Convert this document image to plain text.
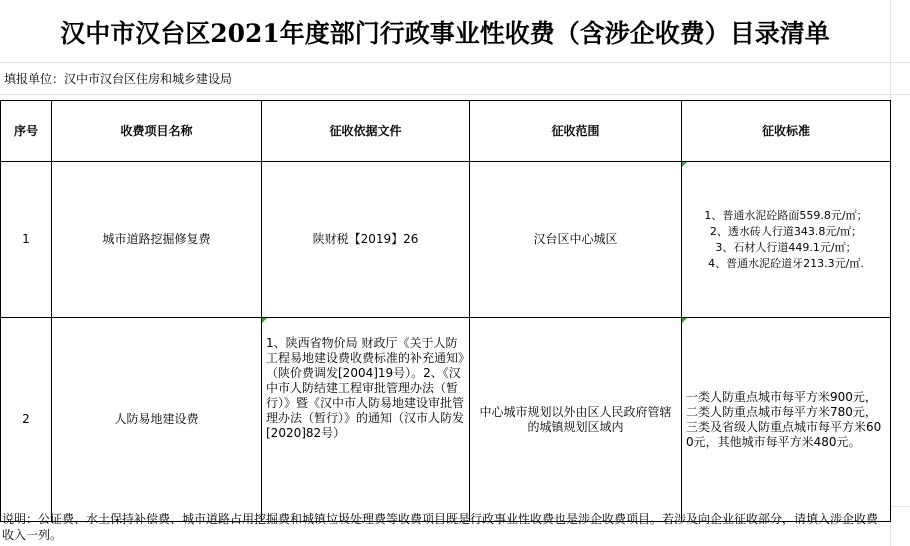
汉中市汉台区2021年度部门行政事业性收费（含涉企收费）目录清单
填报单位：汉中市汉台区住房和城乡建设局
序号	收费项目名称	征收依据文件	征收范围	征收标准
1	城市道路挖掘修复费	陕财税【2019】26	汉台区中心城区	1、普通水泥砼路面559.8元/㎡；
2、透水砖人行道343.8元/㎡；
3、石材人行道449.1元/㎡；
4、普通水泥砼道牙213.3元/㎡.

2	人防易地建设费	1、陕西省物价局 财政厅《关于人防工程易地建设费收费标准的补充通知》（陕价费调发[2004]19号）。2、《汉中市人防结建工程审批管理办法（暂行）》暨《汉中市人防易地建设审批管理办法（暂行）》的通知（汉市人防发[2020]82号）	中心城市规划以外由区人民政府管辖的城镇规划区域内	一类人防重点城市每平方米900元，二类人防重点城市每平方米780元，三类及省级人防重点城市每平方米600元，其他城市每平方米480元。
说明：公证费、水土保持补偿费、城市道路占用挖掘费和城镇垃圾处理费等收费项目既是行政事业性收费也是涉企收费项目。若涉及向企业征收部分，请填入涉企收费收入一列。
